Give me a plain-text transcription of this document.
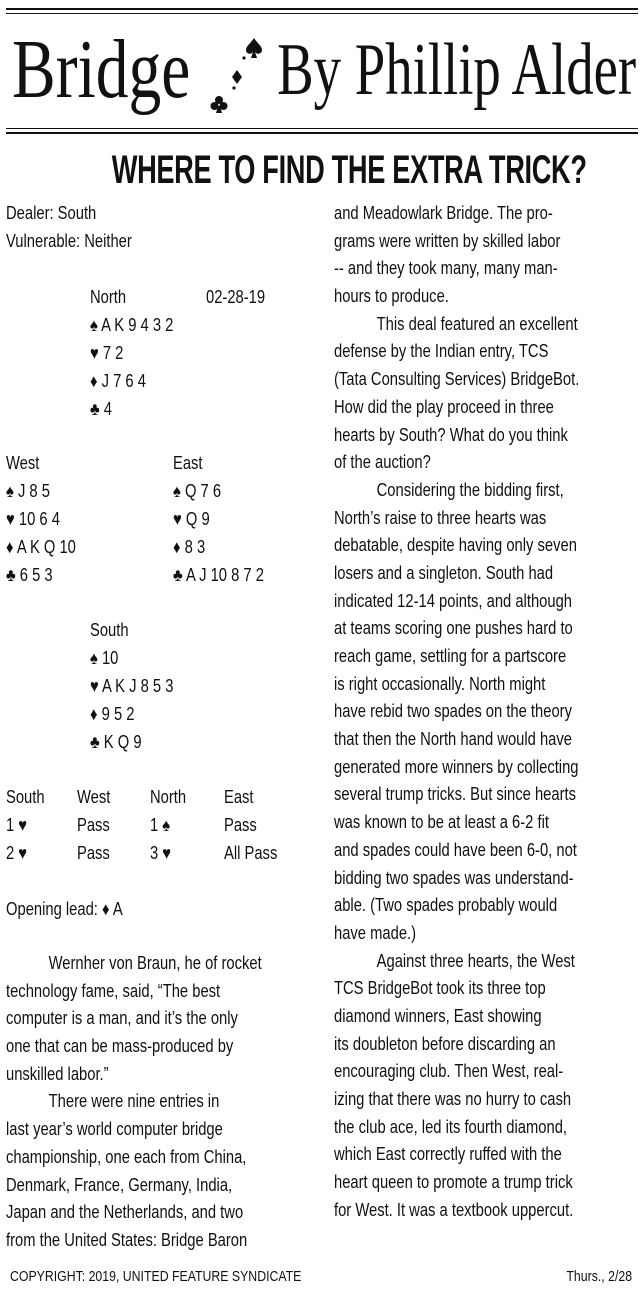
Bridge By Phillip Alder
WHERE TO FIND THE EXTRA TRICK?
Dealer: South
Vulnerable: Neither
North	02-28-19
♠ A K 9 4 3 2
♥ 7 2
♦ J 7 6 4
♣ 4
West
♠ J 8 5
♥ 10 6 4
♦ A K Q 10
♣ 6 5 3
East
♠ Q 7 6
♥ Q 9
♦ 8 3
♣ A J 10 8 7 2
South
♠ 10
♥ A K J 8 5 3
♦ 9 5 2
♣ K Q 9
South West North East
1 ♥	Pass 1 ♠	Pass
2 ♥	Pass 3 ♥	All Pass
Opening lead: ♦ A
Wernher von Braun, he of rocket
technology fame, said, “The best
computer is a man, and it’s the only
one that can be mass-produced by
unskilled labor.”
There were nine entries in
last year’s world computer bridge
championship, one each from China,
Denmark, France, Germany, India,
Japan and the Netherlands, and two
from the United States: Bridge Baron
and Meadowlark Bridge. The pro-
grams were written by skilled labor
-- and they took many, many man-
hours to produce.
This deal featured an excellent
defense by the Indian entry, TCS
(Tata Consulting Services) BridgeBot.
How did the play proceed in three
hearts by South? What do you think
of the auction?
Considering the bidding first,
North’s raise to three hearts was
debatable, despite having only seven
losers and a singleton. South had
indicated 12-14 points, and although
at teams scoring one pushes hard to
reach game, settling for a partscore
is right occasionally. North might
have rebid two spades on the theory
that then the North hand would have
generated more winners by collecting
several trump tricks. But since hearts
was known to be at least a 6-2 fit
and spades could have been 6-0, not
bidding two spades was understand-
able. (Two spades probably would
have made.)
Against three hearts, the West
TCS BridgeBot took its three top
diamond winners, East showing
its doubleton before discarding an
encouraging club. Then West, real-
izing that there was no hurry to cash
the club ace, led its fourth diamond,
which East correctly ruffed with the
heart queen to promote a trump trick
for West. It was a textbook uppercut.
COPYRIGHT: 2019, UNITED FEATURE SYNDICATE	Thurs., 2/28
